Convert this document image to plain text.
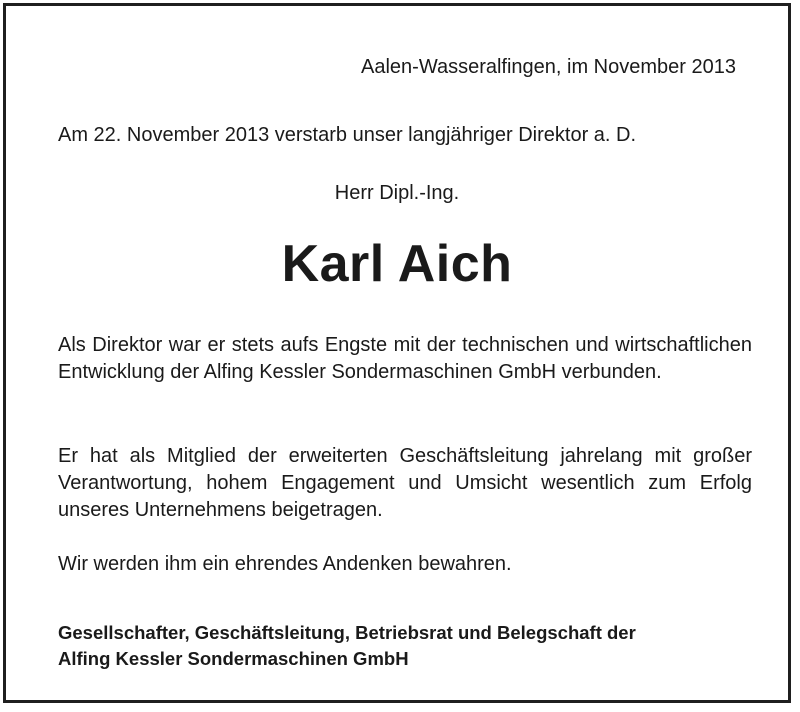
Aalen-Wasseralfingen, im November 2013

Am 22. November 2013 verstarb unser langjähriger Direktor a. D.

Herr Dipl.-Ing.

Karl Aich

Als Direktor war er stets aufs Engste mit der technischen und wirtschaftlichen Entwicklung der Alfing Kessler Sondermaschinen GmbH verbunden.

Er hat als Mitglied der erweiterten Geschäftsleitung jahrelang mit großer Verantwortung, hohem Engagement und Umsicht wesentlich zum Erfolg unseres Unternehmens beigetragen.

Wir werden ihm ein ehrendes Andenken bewahren.

Gesellschafter, Geschäftsleitung, Betriebsrat und Belegschaft der
Alfing Kessler Sondermaschinen GmbH
